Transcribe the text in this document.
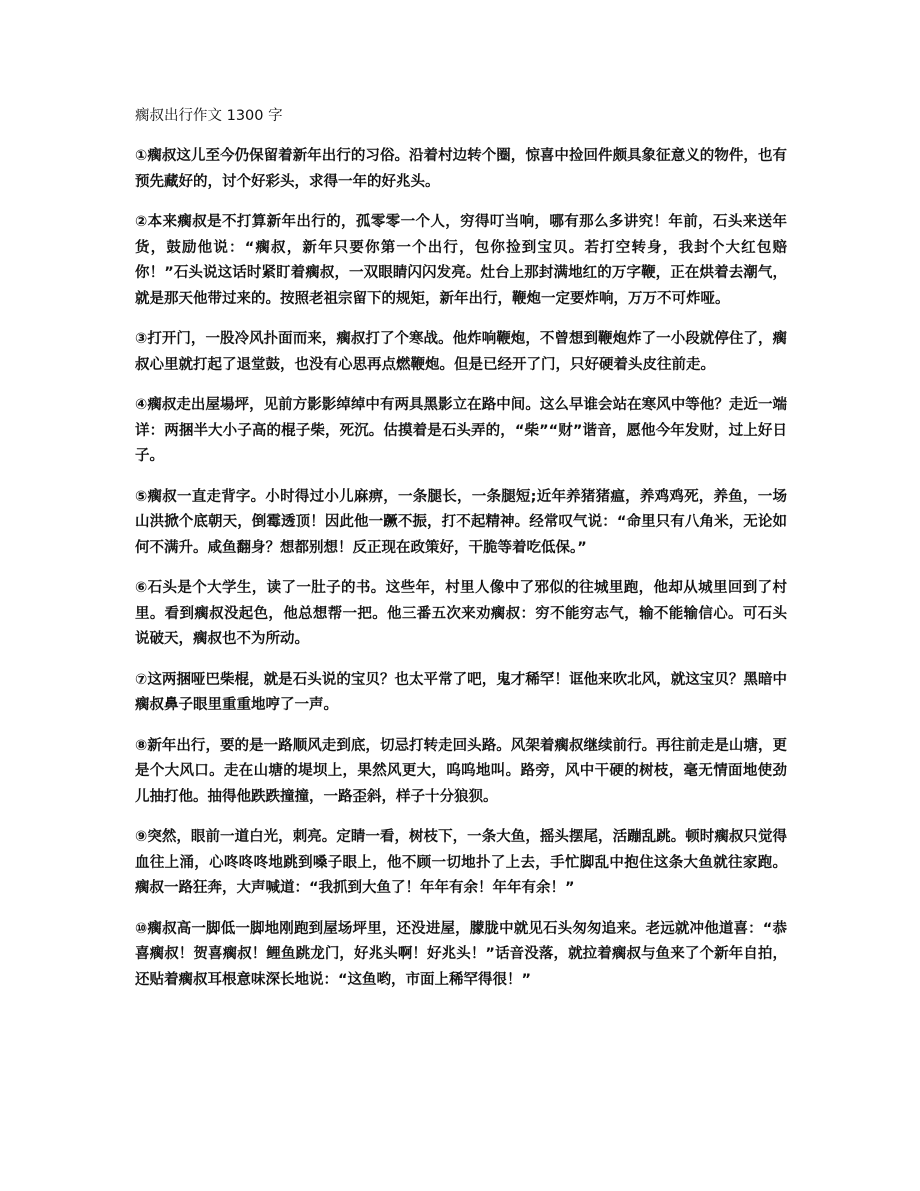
瘸叔出行作文 1300 字

①瘸叔这儿至今仍保留着新年出行的习俗。沿着村边转个圈，惊喜中捡回件颇具象征意义的物件，也有预先藏好的，讨个好彩头，求得一年的好兆头。

②本来瘸叔是不打算新年出行的，孤零零一个人，穷得叮当响，哪有那么多讲究！年前，石头来送年货，鼓励他说：“瘸叔，新年只要你第一个出行，包你捡到宝贝。若打空转身，我封个大红包赔你！”石头说这话时紧盯着瘸叔，一双眼睛闪闪发亮。灶台上那封满地红的万字鞭，正在烘着去潮气，就是那天他带过来的。按照老祖宗留下的规矩，新年出行，鞭炮一定要炸响，万万不可炸哑。

③打开门，一股冷风扑面而来，瘸叔打了个寒战。他炸响鞭炮，不曾想到鞭炮炸了一小段就停住了，瘸叔心里就打起了退堂鼓，也没有心思再点燃鞭炮。但是已经开了门，只好硬着头皮往前走。

④瘸叔走出屋場坪，见前方影影绰绰中有两具黑影立在路中间。这么早谁会站在寒风中等他？走近一端详：两捆半大小子高的棍子柴，死沉。估摸着是石头弄的，“柴”“财”谐音，愿他今年发财，过上好日子。

⑤瘸叔一直走背字。小时得过小儿麻痹，一条腿长，一条腿短;近年养猪猪瘟，养鸡鸡死，养鱼，一场山洪掀个底朝天，倒霉透顶！因此他一蹶不振，打不起精神。经常叹气说：“命里只有八角米，无论如何不满升。咸鱼翻身？想都别想！反正现在政策好，干脆等着吃低保。”

⑥石头是个大学生，读了一肚子的书。这些年，村里人像中了邪似的往城里跑，他却从城里回到了村里。看到瘸叔没起色，他总想帮一把。他三番五次来劝瘸叔：穷不能穷志气，输不能输信心。可石头说破天，瘸叔也不为所动。

⑦这两捆哑巴柴棍，就是石头说的宝贝？也太平常了吧，鬼才稀罕！诓他来吹北风，就这宝贝？黑暗中瘸叔鼻子眼里重重地哼了一声。

⑧新年出行，要的是一路顺风走到底，切忌打转走回头路。风架着瘸叔继续前行。再往前走是山塘，更是个大风口。走在山塘的堤坝上，果然风更大，呜呜地叫。路旁，风中干硬的树枝，毫无情面地使劲儿抽打他。抽得他跌跌撞撞，一路歪斜，样子十分狼狈。

⑨突然，眼前一道白光，刺亮。定睛一看，树枝下，一条大鱼，摇头摆尾，活蹦乱跳。顿时瘸叔只觉得血往上涌，心咚咚咚地跳到嗓子眼上，他不顾一切地扑了上去，手忙脚乱中抱住这条大鱼就往家跑。瘸叔一路狂奔，大声喊道：“我抓到大鱼了！年年有余！年年有余！”

⑩瘸叔高一脚低一脚地刚跑到屋场坪里，还没进屋，朦胧中就见石头匆匆追来。老远就冲他道喜：“恭喜瘸叔！贺喜瘸叔！鲤鱼跳龙门，好兆头啊！好兆头！”话音没落，就拉着瘸叔与鱼来了个新年自拍，还贴着瘸叔耳根意味深长地说：“这鱼哟，市面上稀罕得很！”
